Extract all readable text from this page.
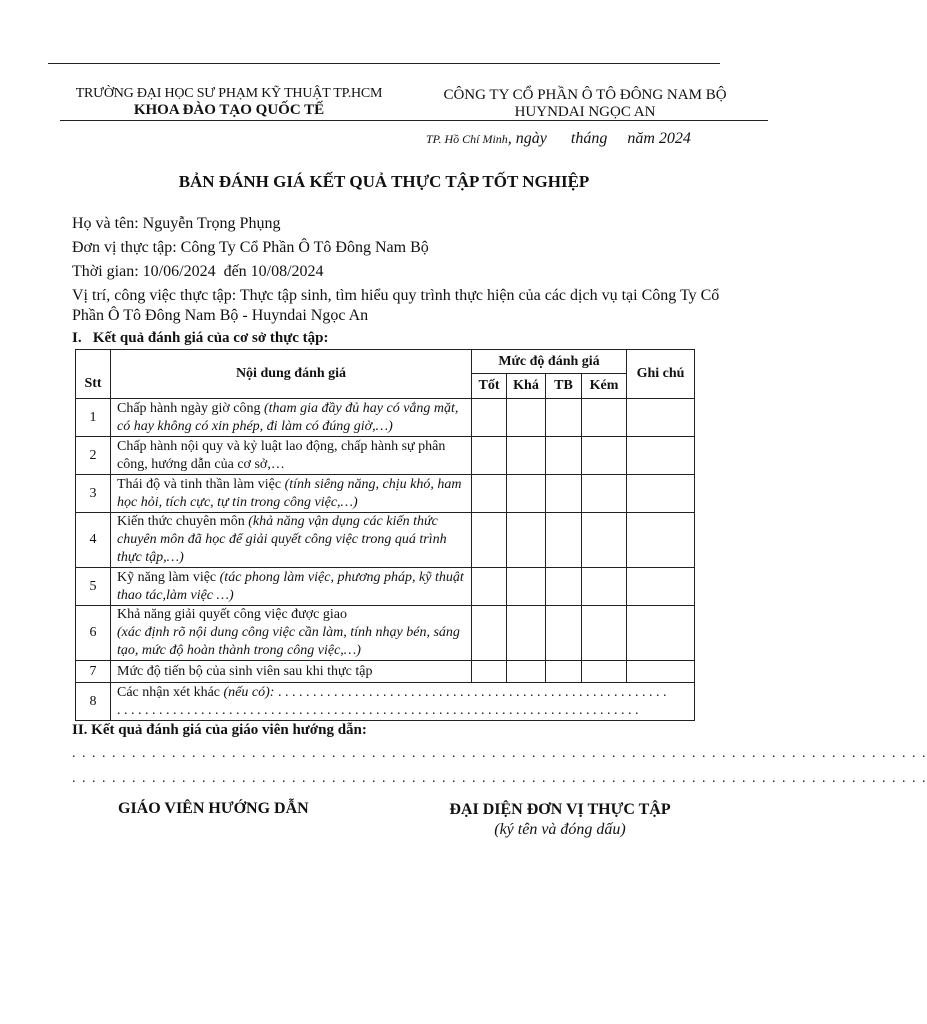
TRƯỜNG ĐẠI HỌC SƯ PHẠM KỸ THUẬT TP.HCM
KHOA ĐÀO TẠO QUỐC TẾ
CÔNG TY CỔ PHẦN Ô TÔ ĐÔNG NAM BỘ
HUYNDAI NGỌC AN
TP. Hồ Chí Minh, ngày      tháng     năm 2024
BẢN ĐÁNH GIÁ KẾT QUẢ THỰC TẬP TỐT NGHIỆP
Họ và tên: Nguyễn Trọng Phụng
Đơn vị thực tập: Công Ty Cổ Phần Ô Tô Đông Nam Bộ
Thời gian: 10/06/2024  đến 10/08/2024
Vị trí, công việc thực tập: Thực tập sinh, tìm hiểu quy trình thực hiện của các dịch vụ tại Công Ty Cổ Phần Ô Tô Đông Nam Bộ - Huyndai Ngọc An
I.   Kết quả đánh giá của cơ sở thực tập:
Stt	Nội dung đánh giá	Mức độ đánh giá				Ghi chú
		Tốt	Khá	TB	Kém	
1	Chấp hành ngày giờ công (tham gia đầy đủ hay có vắng mặt, có hay không có xin phép, đi làm có đúng giờ,…)					
2	Chấp hành nội quy và kỷ luật lao động, chấp hành sự phân công, hướng dẫn của cơ sở,…					
3	Thái độ và tinh thần làm việc (tính siêng năng, chịu khó, ham học hỏi, tích cực, tự tin trong công việc,…)					
4	Kiến thức chuyên môn (khả năng vận dụng các kiến thức chuyên môn đã học để giải quyết công việc trong quá trình thực tập,…)					
5	Kỹ năng làm việc (tác phong làm việc, phương pháp, kỹ thuật thao tác,làm việc …)					
6	Khả năng giải quyết công việc được giao
(xác định rõ nội dung công việc cần làm, tính nhạy bén, sáng tạo, mức độ hoàn thành trong công việc,…)					
7	Mức độ tiến bộ của sinh viên sau khi thực tập					
8	Các nhận xét khác (nếu có): . . . . . . . . . . . . . . . . . . . . . . . . . . . . . . . . . . . . . . . . . . . . . . . . . . . . . . . .
. . . . . . . . . . . . . . . . . . . . . . . . . . . . . . . . . . . . . . . . . . . . . . . . . . . . . . . . . . . . . . . . . . . . . . . . . . .					
II. Kết quả đánh giá của giáo viên hướng dẫn:
. . . . . . . . . . . . . . . . . . . . . . . . . . . . . . . . . . . . . . . . . . . . . . . . . . . . . . . . . . . . . . . . . . . . . . . . . . . . . . . . . . . . . .
. . . . . . . . . . . . . . . . . . . . . . . . . . . . . . . . . . . . . . . . . . . . . . . . . . . . . . . . . . . . . . . . . . . . . . . . . . . . . . . . . . . . . .
GIÁO VIÊN HƯỚNG DẪN	ĐẠI DIỆN ĐƠN VỊ THỰC TẬP
(ký tên và đóng dấu)
